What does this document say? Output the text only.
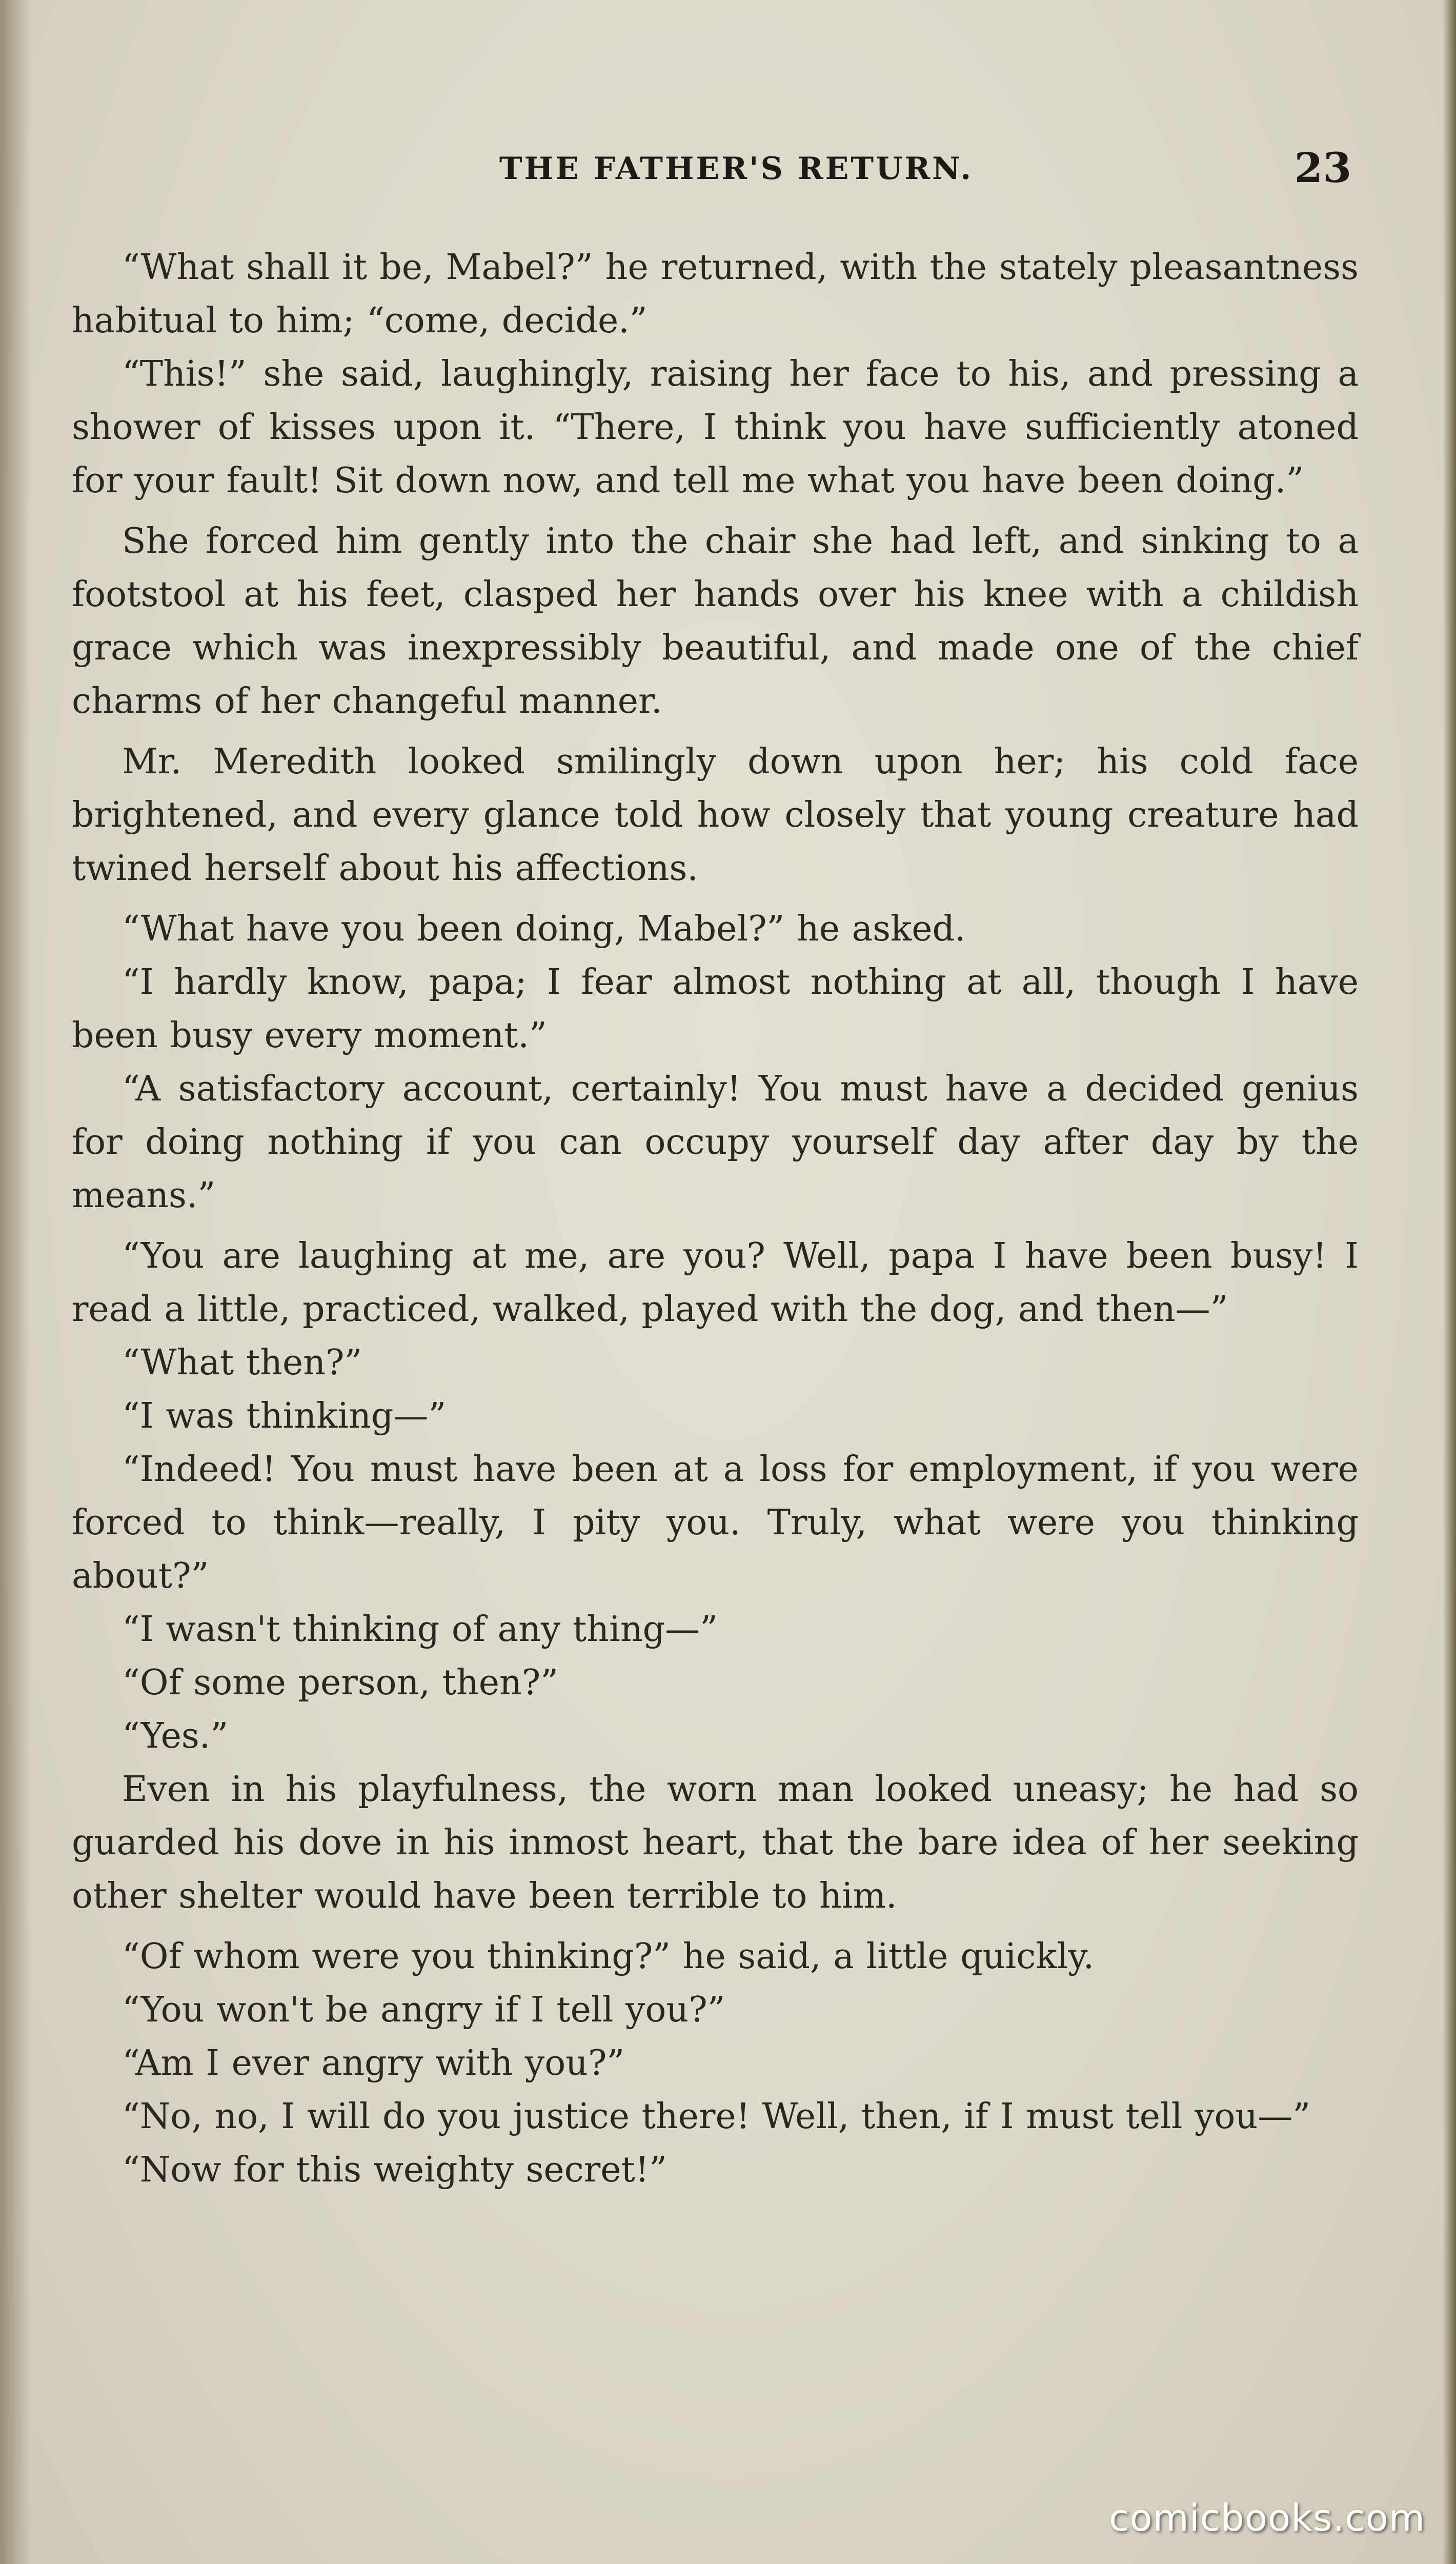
THE FATHER'S RETURN.	23

“What shall it be, Mabel?” he returned, with the stately pleasantness habitual to him; “come, decide.”

“This!” she said, laughingly, raising her face to his, and pressing a shower of kisses upon it. “There, I think you have sufficiently atoned for your fault! Sit down now, and tell me what you have been doing.”

She forced him gently into the chair she had left, and sinking to a footstool at his feet, clasped her hands over his knee with a childish grace which was inexpressibly beautiful, and made one of the chief charms of her changeful manner.

Mr. Meredith looked smilingly down upon her; his cold face brightened, and every glance told how closely that young creature had twined herself about his affections.

“What have you been doing, Mabel?” he asked.

“I hardly know, papa; I fear almost nothing at all, though I have been busy every moment.”

“A satisfactory account, certainly! You must have a decided genius for doing nothing if you can occupy yourself day after day by the means.”

“You are laughing at me, are you? Well, papa I have been busy! I read a little, practiced, walked, played with the dog, and then—”

“What then?”

“I was thinking—”

“Indeed! You must have been at a loss for employment, if you were forced to think—really, I pity you. Truly, what were you thinking about?”

“I wasn't thinking of any thing—”

“Of some person, then?”

“Yes.”

Even in his playfulness, the worn man looked uneasy; he had so guarded his dove in his inmost heart, that the bare idea of her seeking other shelter would have been terrible to him.

“Of whom were you thinking?” he said, a little quickly.

“You won't be angry if I tell you?”

“Am I ever angry with you?”

“No, no, I will do you justice there! Well, then, if I must tell you—”

“Now for this weighty secret!”

comicbooks.com
